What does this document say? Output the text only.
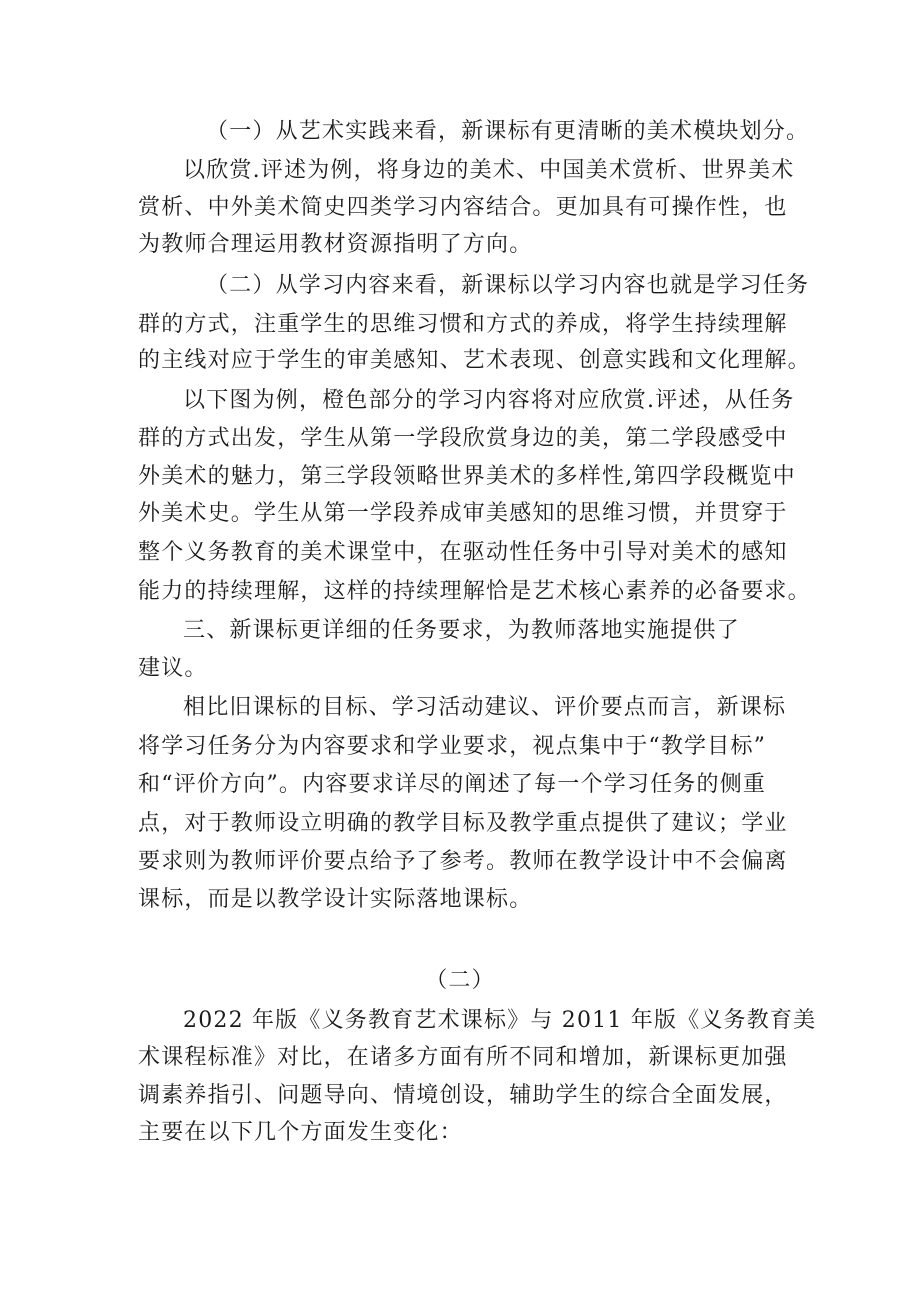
（一）从艺术实践来看，新课标有更清晰的美术模块划分。
以欣赏.评述为例，将身边的美术、中国美术赏析、世界美术
赏析、中外美术简史四类学习内容结合。更加具有可操作性，也
为教师合理运用教材资源指明了方向。
（二）从学习内容来看，新课标以学习内容也就是学习任务
群的方式，注重学生的思维习惯和方式的养成，将学生持续理解
的主线对应于学生的审美感知、艺术表现、创意实践和文化理解。
以下图为例，橙色部分的学习内容将对应欣赏.评述，从任务
群的方式出发，学生从第一学段欣赏身边的美，第二学段感受中
外美术的魅力，第三学段领略世界美术的多样性,第四学段概览中
外美术史。学生从第一学段养成审美感知的思维习惯，并贯穿于
整个义务教育的美术课堂中，在驱动性任务中引导对美术的感知
能力的持续理解，这样的持续理解恰是艺术核心素养的必备要求。
三、新课标更详细的任务要求，为教师落地实施提供了
建议。
相比旧课标的目标、学习活动建议、评价要点而言，新课标
将学习任务分为内容要求和学业要求，视点集中于“教学目标”
和“评价方向”。内容要求详尽的阐述了每一个学习任务的侧重
点，对于教师设立明确的教学目标及教学重点提供了建议；学业
要求则为教师评价要点给予了参考。教师在教学设计中不会偏离
课标，而是以教学设计实际落地课标。
（二）
2022 年版《义务教育艺术课标》与 2011 年版《义务教育美
术课程标准》对比，在诸多方面有所不同和增加，新课标更加强
调素养指引、问题导向、情境创设，辅助学生的综合全面发展，
主要在以下几个方面发生变化：
